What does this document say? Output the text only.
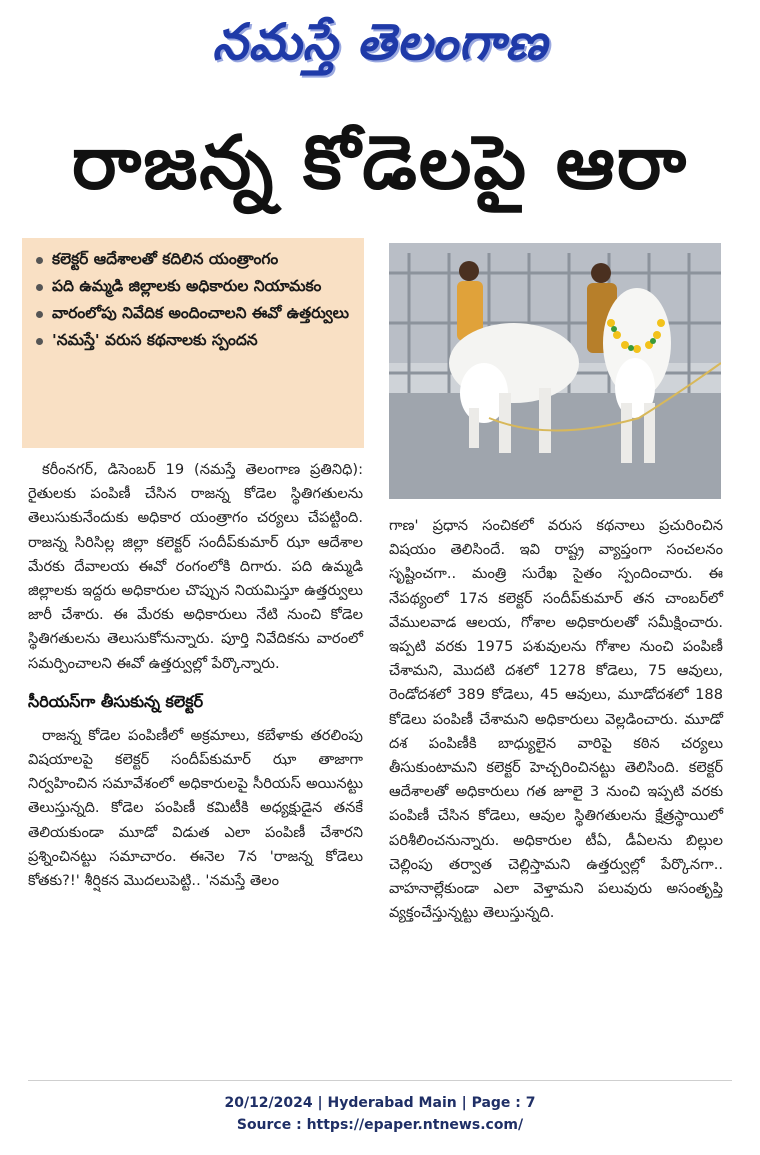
నమస్తే తెలంగాణ
రాజన్న కోడెలపై ఆరా
కలెక్టర్ ఆదేశాలతో కదిలిన యంత్రాంగం
పది ఉమ్మడి జిల్లాలకు అధికారుల నియామకం
వారంలోపు నివేదిక అందించాలని ఈవో ఉత్తర్వులు
'నమస్తే' వరుస కథనాలకు స్పందన

కరీంనగర్, డిసెంబర్ 19 (నమస్తే తెలంగాణ ప్రతినిధి): రైతులకు పంపిణీ చేసిన రాజన్న కోడెల స్థితిగతులను తెలుసుకునేందుకు అధికార యంత్రాగం చర్యలు చేపట్టింది. రాజన్న సిరిసిల్ల జిల్లా కలెక్టర్ సందీప్‌కుమార్ ఝా ఆదేశాల మేరకు దేవాలయ ఈవో రంగంలోకి దిగారు. పది ఉమ్మడి జిల్లాలకు ఇద్దరు అధికారుల చొప్పున నియమిస్తూ ఉత్తర్వులు జారీ చేశారు. ఈ మేరకు అధికారులు నేటి నుంచి కోడెల స్థితిగతులను తెలుసుకోనున్నారు. పూర్తి నివేదికను వారంలో సమర్పించాలని ఈవో ఉత్తర్వుల్లో పేర్కొన్నారు.

సీరియస్‌గా తీసుకున్న కలెక్టర్

రాజన్న కోడెల పంపిణీలో అక్రమాలు, కబేళాకు తరలింపు విషయాలపై కలెక్టర్ సందీప్‌కుమార్ ఝా తాజాగా నిర్వహించిన సమావేశంలో అధికారులపై సీరియస్ అయినట్టు తెలుస్తున్నది. కోడెల పంపిణీ కమిటీకి అధ్యక్షుడైన తనకే తెలియకుండా మూడో విడుత ఎలా పంపిణీ చేశారని ప్రశ్నించినట్టు సమాచారం. ఈనెల 7న 'రాజన్న కోడెలు కోతకు?!' శీర్షికన మొదలుపెట్టి.. 'నమస్తే తెలం

గాణ' ప్రధాన సంచికలో వరుస కథనాలు ప్రచురించిన విషయం తెలిసిందే. ఇవి రాష్ట్ర వ్యాప్తంగా సంచలనం సృష్టించగా.. మంత్రి సురేఖ సైతం స్పందించారు. ఈ నేపథ్యంలో 17న కలెక్టర్ సందీప్‌కుమార్ తన చాంబర్‌లో వేములవాడ ఆలయ, గోశాల అధికారులతో సమీక్షించారు. ఇప్పటి వరకు 1975 పశువులను గోశాల నుంచి పంపిణీ చేశామని, మొదటి దశలో 1278 కోడెలు, 75 ఆవులు, రెండోదశలో 389 కోడెలు, 45 ఆవులు, మూడోదశలో 188 కోడెలు పంపిణీ చేశామని అధికారులు వెల్లడించారు. మూడో దశ పంపిణీకి బాధ్యులైన వారిపై కఠిన చర్యలు తీసుకుంటామని కలెక్టర్ హెచ్చరించినట్టు తెలిసింది. కలెక్టర్ ఆదేశాలతో అధికారులు గత జూలై 3 నుంచి ఇప్పటి వరకు పంపిణీ చేసిన కోడెలు, ఆవుల స్థితిగతులను క్షేత్రస్థాయిలో పరిశీలించనున్నారు. అధికారుల టీఏ, డీఏలను బిల్లుల చెల్లింపు తర్వాత చెల్లిస్తామని ఉత్తర్వుల్లో పేర్కొనగా.. వాహనాల్లేకుండా ఎలా వెళ్తామని పలువురు అసంతృప్తి వ్యక్తంచేస్తున్నట్టు తెలుస్తున్నది.

20/12/2024 | Hyderabad Main | Page : 7
Source : https://epaper.ntnews.com/
